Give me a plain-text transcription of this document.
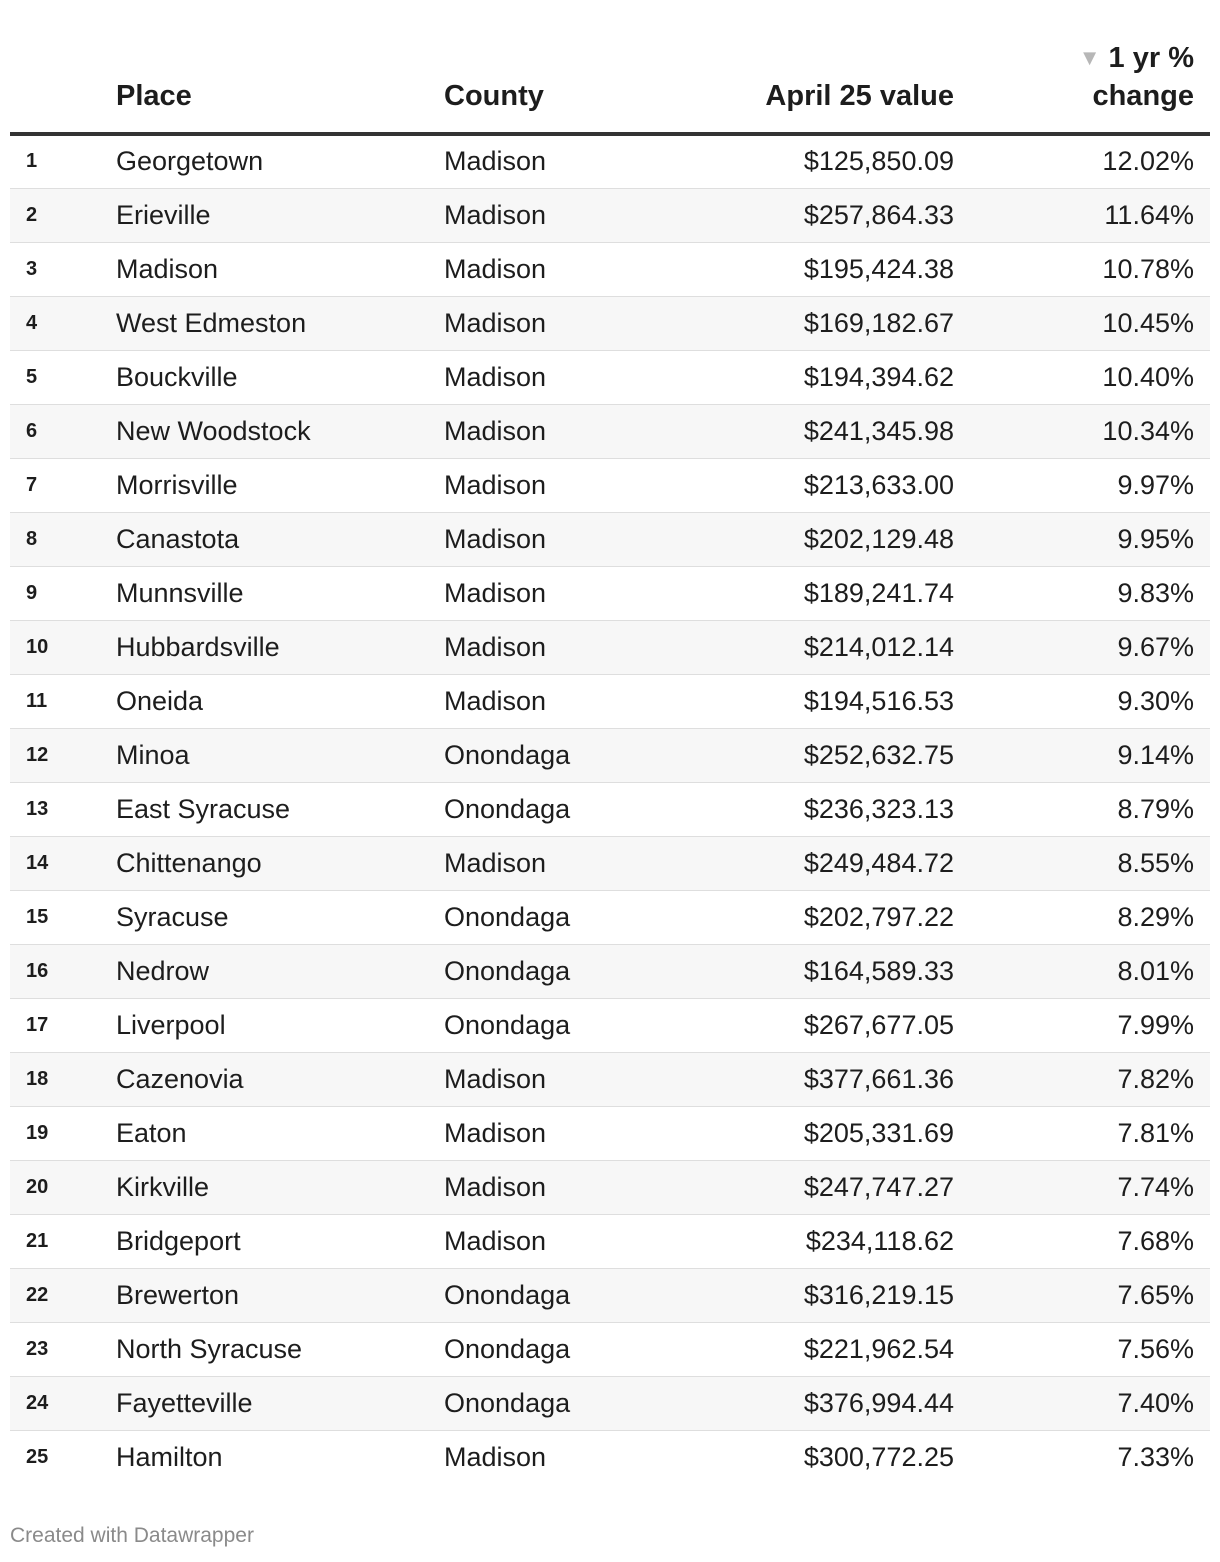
	Place	County	April 25 value	▼ 1 yr %
change
1	Georgetown	Madison	$125,850.09	12.02%
2	Erieville	Madison	$257,864.33	11.64%
3	Madison	Madison	$195,424.38	10.78%
4	West Edmeston	Madison	$169,182.67	10.45%
5	Bouckville	Madison	$194,394.62	10.40%
6	New Woodstock	Madison	$241,345.98	10.34%
7	Morrisville	Madison	$213,633.00	9.97%
8	Canastota	Madison	$202,129.48	9.95%
9	Munnsville	Madison	$189,241.74	9.83%
10	Hubbardsville	Madison	$214,012.14	9.67%
11	Oneida	Madison	$194,516.53	9.30%
12	Minoa	Onondaga	$252,632.75	9.14%
13	East Syracuse	Onondaga	$236,323.13	8.79%
14	Chittenango	Madison	$249,484.72	8.55%
15	Syracuse	Onondaga	$202,797.22	8.29%
16	Nedrow	Onondaga	$164,589.33	8.01%
17	Liverpool	Onondaga	$267,677.05	7.99%
18	Cazenovia	Madison	$377,661.36	7.82%
19	Eaton	Madison	$205,331.69	7.81%
20	Kirkville	Madison	$247,747.27	7.74%
21	Bridgeport	Madison	$234,118.62	7.68%
22	Brewerton	Onondaga	$316,219.15	7.65%
23	North Syracuse	Onondaga	$221,962.54	7.56%
24	Fayetteville	Onondaga	$376,994.44	7.40%
25	Hamilton	Madison	$300,772.25	7.33%
Created with Datawrapper
